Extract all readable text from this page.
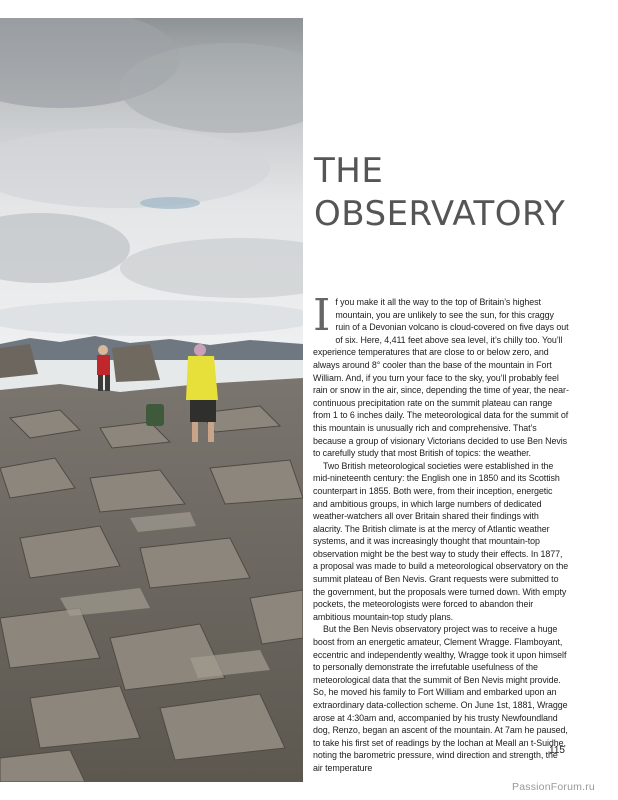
THE
OBSERVATORY

If you make it all the way to the top of Britain’s highest mountain, you are unlikely to see the sun, for this craggy ruin of a Devonian volcano is cloud-covered on five days out of six. Here, 4,411 feet above sea level, it’s chilly too. You’ll experience temperatures that are close to or below zero, and always around 8° cooler than the base of the mountain in Fort William. And, if you turn your face to the sky, you’ll probably feel rain or snow in the air, since, depending the time of year, the near-continuous precipitation rate on the summit plateau can range from 1 to 6 inches daily. The meteorological data for the summit of this mountain is unusually rich and comprehensive. That’s because a group of visionary Victorians decided to use Ben Nevis to carefully study that most British of topics: the weather.

Two British meteorological societies were established in the mid-nineteenth century: the English one in 1850 and its Scottish counterpart in 1855. Both were, from their inception, energetic and ambitious groups, in which large numbers of dedicated weather-watchers all over Britain shared their findings with alacrity. The British climate is at the mercy of Atlantic weather systems, and it was increasingly thought that mountain-top observation might be the best way to study their effects. In 1877, a proposal was made to build a meteorological observatory on the summit plateau of Ben Nevis. Grant requests were submitted to the government, but the proposals were turned down. With empty pockets, the meteorologists were forced to abandon their ambitious mountain-top study plans.

But the Ben Nevis observatory project was to receive a huge boost from an energetic amateur, Clement Wragge. Flamboyant, eccentric and independently wealthy, Wragge took it upon himself to personally demonstrate the irrefutable usefulness of the meteorological data that the summit of Ben Nevis might provide. So, he moved his family to Fort William and embarked upon an extraordinary data-collection scheme. On June 1st, 1881, Wragge arose at 4:30am and, accompanied by his trusty Newfoundland dog, Renzo, began an ascent of the mountain. At 7am he paused, to take his first set of readings by the lochan at Meall an t-Suidhe, noting the barometric pressure, wind direction and strength, the air temperature

115
PassionForum.ru
